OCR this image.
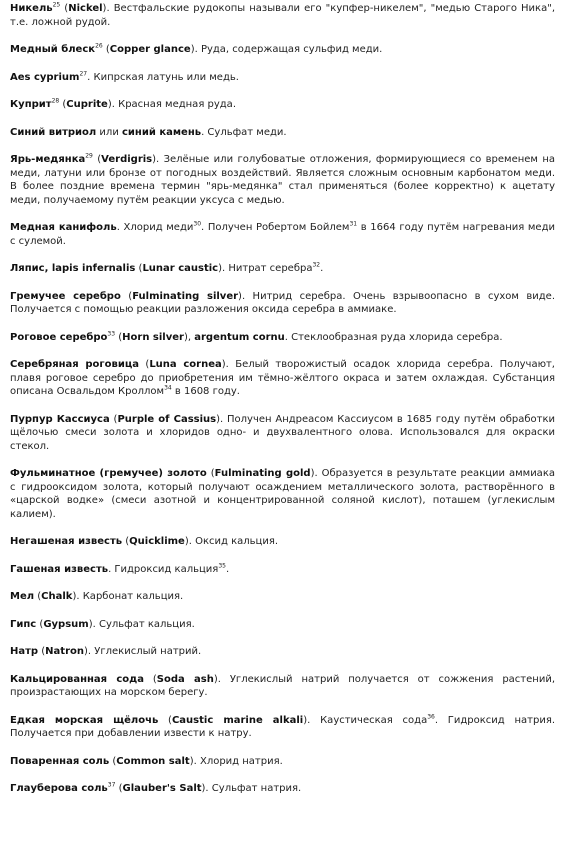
Никель$^{25}$ (Nickel). Вестфальские рудокопы называли его "купфер-никелем", "медью Старого Ника", т.е. ложной рудой.

Медный блеск$^{26}$ (Copper glance). Руда, содержащая сульфид меди.

Aes cyprium$^{27}$. Кипрская латунь или медь.

Куприт$^{28}$ (Cuprite). Красная медная руда.

Синий витриол или синий камень. Сульфат меди.

Ярь-медянка$^{29}$ (Verdigris). Зелёные или голубоватые отложения, формирующиеся со временем на меди, латуни или бронзе от погодных воздействий. Является сложным основным карбонатом меди. В более поздние времена термин "ярь-медянка" стал применяться (более корректно) к ацетату меди, получаемому путём реакции уксуса с медью.

Медная канифоль. Хлорид меди$^{30}$. Получен Робертом Бойлем$^{31}$ в 1664 году путём нагревания меди с сулемой.

Ляпис, lapis infernalis (Lunar caustic). Нитрат серебра$^{32}$.

Гремучее серебро (Fulminating silver). Нитрид серебра. Очень взрывоопасно в сухом виде. Получается с помощью реакции разложения оксида серебра в аммиаке.

Роговое серебро$^{33}$ (Horn silver), argentum cornu. Стеклообразная руда хлорида серебра.

Серебряная роговица (Luna cornea). Белый творожистый осадок хлорида серебра. Получают, плавя роговое серебро до приобретения им тёмно-жёлтого окраса и затем охлаждая. Субстанция описана Освальдом Кроллом$^{34}$ в 1608 году.

Пурпур Кассиуса (Purple of Cassius). Получен Андреасом Кассиусом в 1685 году путём обработки щёлочью смеси золота и хлоридов одно- и двухвалентного олова. Использовался для окраски стекол.

Фульминатное (гремучее) золото (Fulminating gold). Образуется в результате реакции аммиака с гидрооксидом золота, который получают осаждением металлического золота, растворённого в «царской водке» (смеси азотной и концентрированной соляной кислот), поташем (углекислым калием).

Негашеная известь (Quicklime). Оксид кальция.

Гашеная известь. Гидроксид кальция$^{35}$.

Мел (Chalk). Карбонат кальция.

Гипс (Gypsum). Сульфат кальция.

Натр (Natron). Углекислый натрий.

Кальцированная сода (Soda ash). Углекислый натрий получается от сожжения растений, произрастающих на морском берегу.

Едкая морская щёлочь (Caustic marine alkali). Каустическая сода$^{36}$. Гидроксид натрия. Получается при добавлении извести к натру.

Поваренная соль (Common salt). Хлорид натрия.

Глауберова соль$^{37}$ (Glauber's Salt). Сульфат натрия.
